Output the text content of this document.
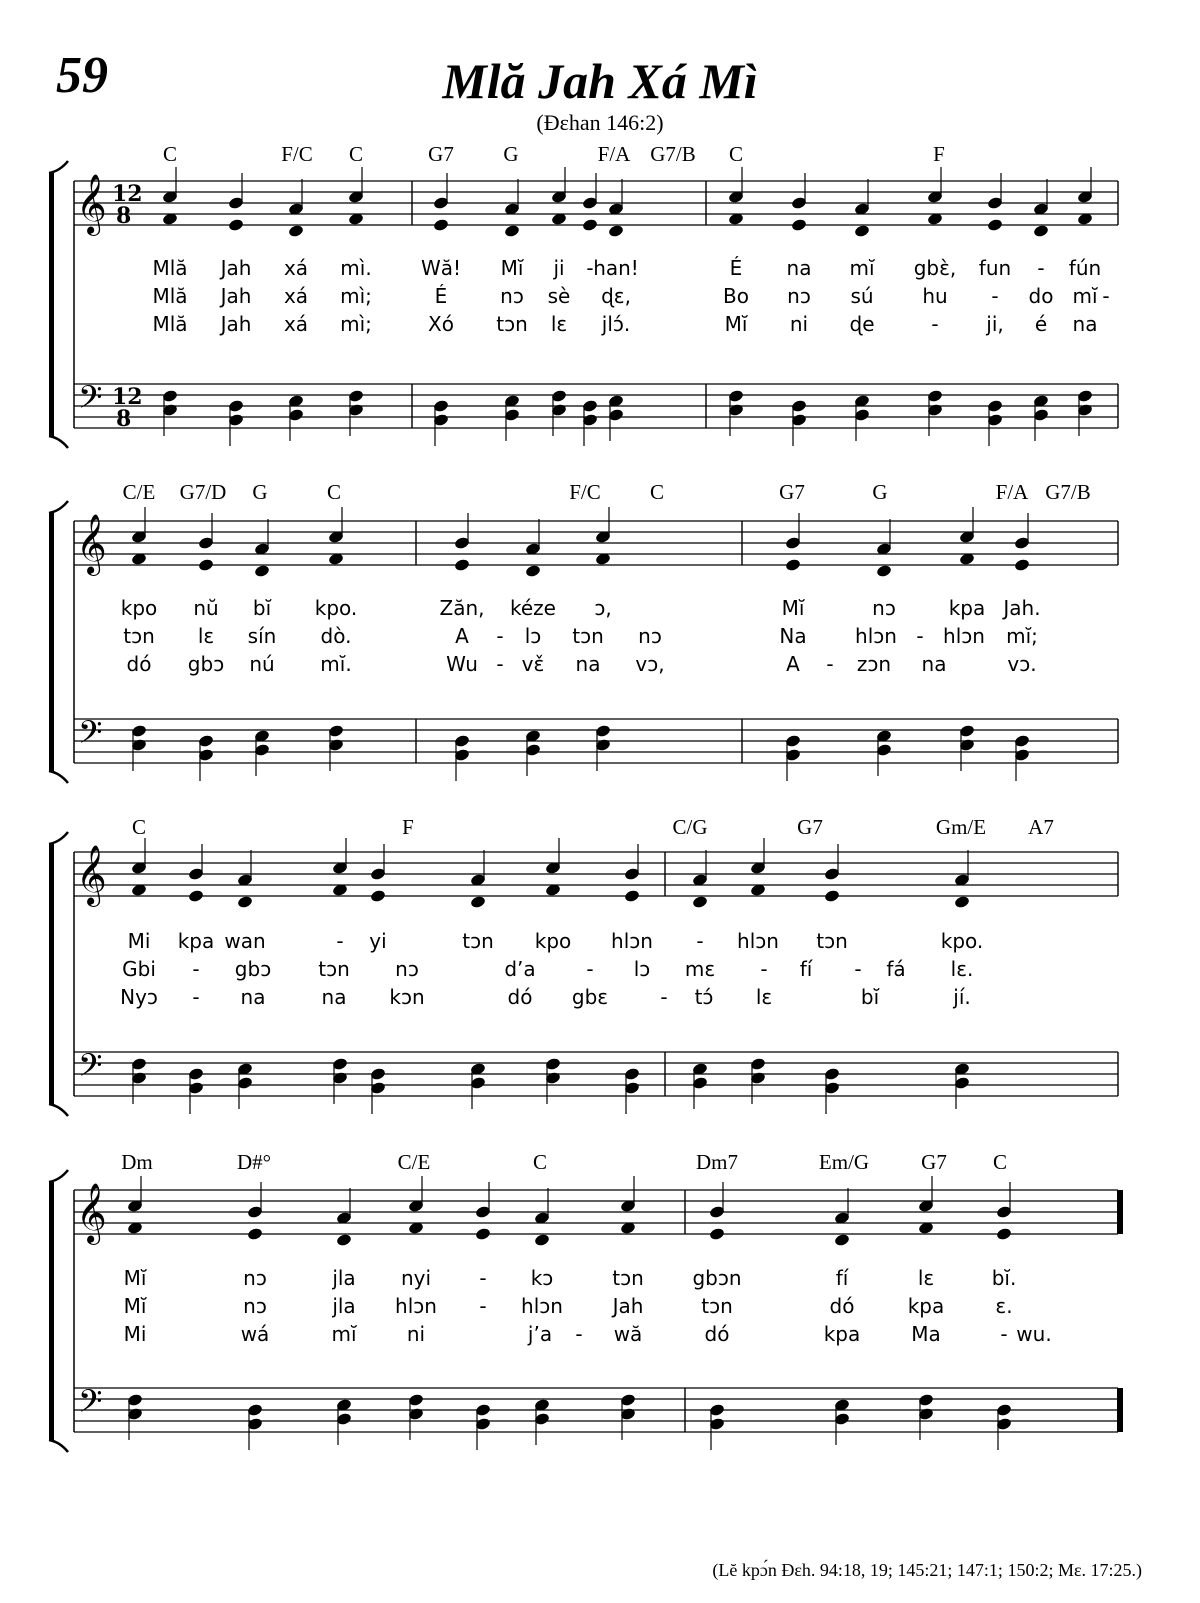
59	Mlă Jah Xá Mì
(Đɛhan 146:2)
𝄞
𝄢
12
8
12
8
𝄞
𝄢
𝄞
𝄢
𝄞
𝄢
C	F/C C	G7 G	F/A G7/B C	F
Mlă Jah xá mì. Wă! Mĭ ji - han!	É na mĭ gbɛ̀, fun - fún
Mlă Jah xá mì;	É	nɔ sè ɖɛ,	Bo nɔ sú hu - do mĭ -
Mlă Jah xá mì;	Xó tɔn lɛ jlɔ́.	Mĭ ni ɖe	- ji, é na
C/E G7/D G	C	F/C C	G7	G	F/A G7/B
kpo nŭ bĭ kpo.	Zăn, kéze ɔ,	Mĭ	nɔ	kpa Jah.
tɔn lɛ sín dò.	A - lɔ tɔn nɔ	Na hlɔn - hlɔn mĭ;
dó gbɔ nú mĭ.	Wu - vɛ̌ na vɔ,	A - zɔn na	vɔ.
C	F	C/G	G7	Gm/E A7
Mi kpa wan	- yi	tɔn kpo hlɔn - hlɔn tɔn	kpo.
Gbi - gbɔ tɔn nɔ	d’a	- lɔ mɛ - fí - fá lɛ.
Nyɔ - na	na kɔn	dó gbɛ	- tɔ́ lɛ	bĭ	jí.
Dm	D#°	C/E	C	Dm7	Em/G G7 C
Mĭ	nɔ	jla nyi - kɔ	tɔn gbɔn	fí	lɛ	bĭ.
Mĭ	nɔ	jla hlɔn - hlɔn Jah	tɔn	dó	kpa	ɛ.
Mi	wá	mĭ	ni	j’a - wă	dó	kpa	Ma	- wu.
(Lĕ kpɔ́n Đɛh. 94:18, 19; 145:21; 147:1; 150:2; Mɛ. 17:25.)
